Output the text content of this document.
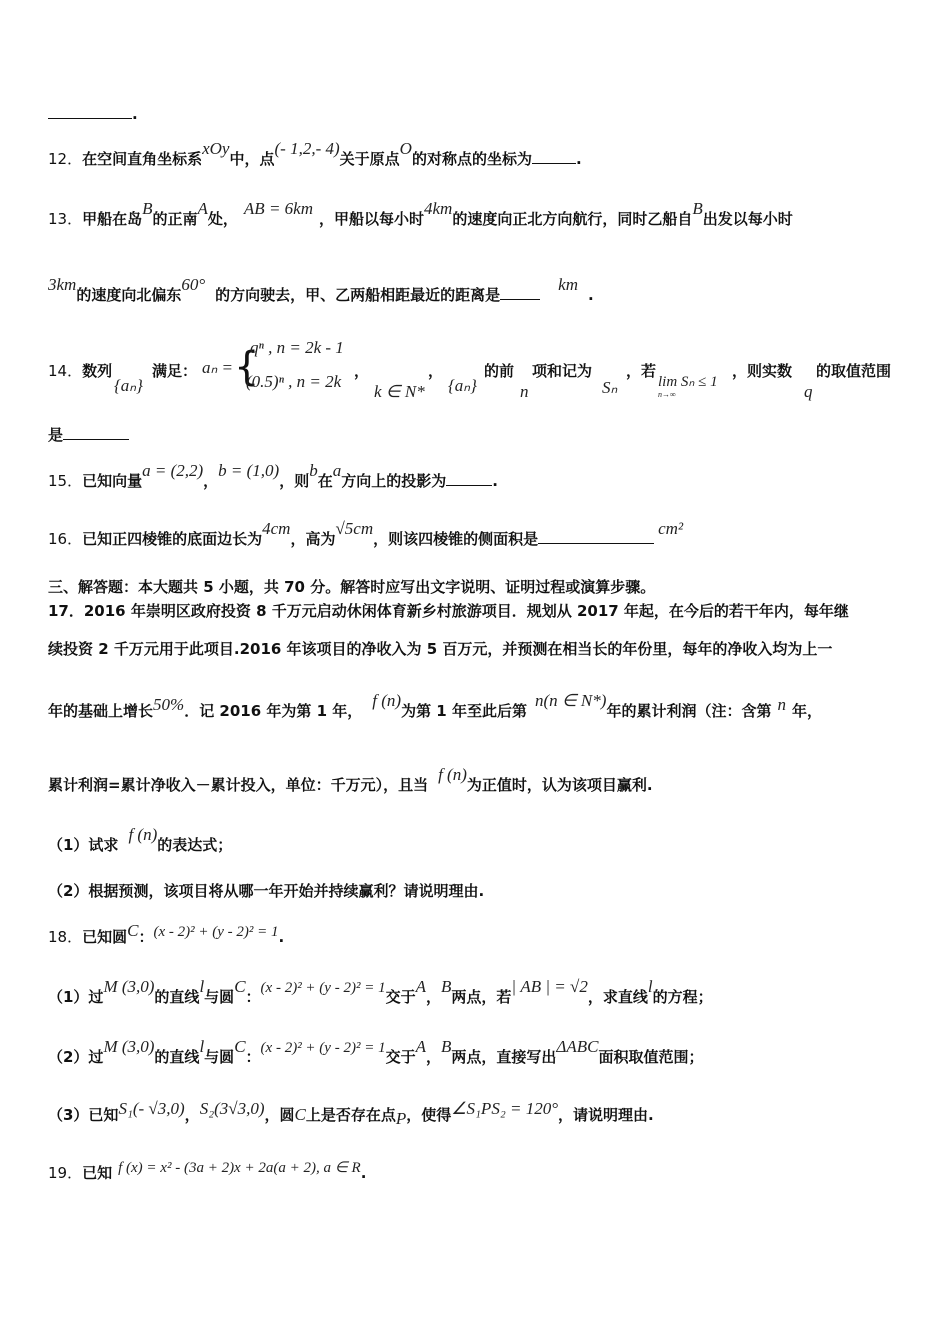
.
12．在空间直角坐标系xOy中，点(- 1,2,- 4)关于原点O的对称点的坐标为	.
13．甲船在岛B的正南A处，AB = 6km，甲船以每小时4km的速度向正北方向航行，同时乙船自B出发以每小时
3km的速度向北偏东60°的方向驶去，甲、乙两船相距最近的距离是km.
14．数列
{aₙ}
满足： aₙ = {
qⁿ , n = 2k - 1
(0.5)ⁿ , n = 2k
，
k ∈ N*
，
{aₙ}
的前
n
项和记为
Sₙ
，若
lim Sₙ ≤ 1
n→∞
，则实数
q
的取值范围
是
15．已知向量a = (2,2)，b = (1,0)，则b在a方向上的投影为	.
16．已知正四棱锥的底面边长为4cm，高为√5cm，则该四棱锥的侧面积是cm²
三、解答题：本大题共 5 小题，共 70 分。解答时应写出文字说明、证明过程或演算步骤。
17．2016 年崇明区政府投资 8 千万元启动休闲体育新乡村旅游项目．规划从 2017 年起，在今后的若干年内，每年继
续投资 2 千万元用于此项目.2016 年该项目的净收入为 5 百万元，并预测在相当长的年份里，每年的净收入均为上一
年的基础上增长50%．记 2016 年为第 1 年，f (n)为第 1 年至此后第n(n ∈ N*)年的累计利润（注：含第 n 年，
累计利润=累计净收入－累计投入，单位：千万元），且当f (n)为正值时，认为该项目赢利.
（1）试求f (n)的表达式；
（2）根据预测，该项目将从哪一年开始并持续赢利？请说明理由.
18．已知圆C：(x - 2)² + (y - 2)² = 1.
（1）过M (3,0)的直线l与圆C：(x - 2)² + (y - 2)² = 1交于A，B两点，若| AB | = √2，求直线l的方程；
（2）过M (3,0)的直线l与圆C：(x - 2)² + (y - 2)² = 1交于A，B两点，直接写出ΔABC面积取值范围；
（3）已知S₁(- √3,0)，S₂(3√3,0)，圆C上是否存在点P，使得∠S₁PS₂ = 120°，请说明理由.
19．已知 f (x) = x² - (3a + 2)x + 2a(a + 2), a ∈ R.
